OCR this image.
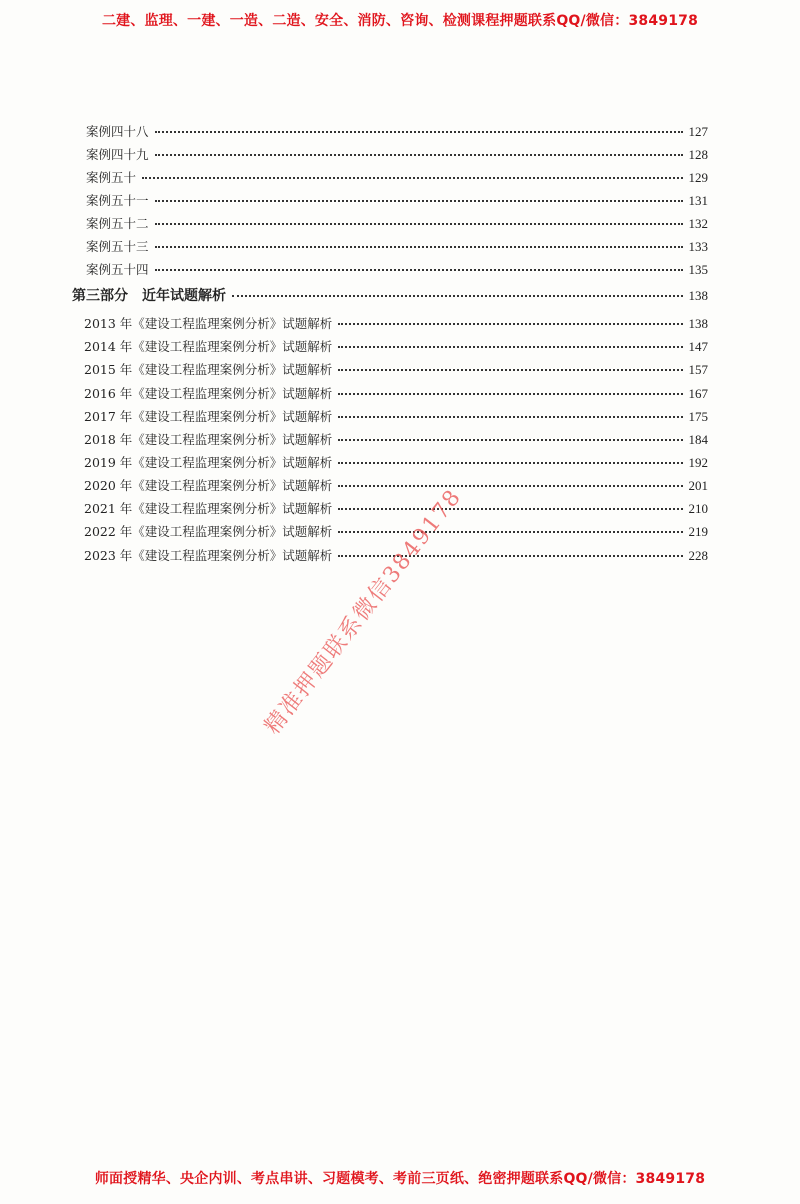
二建、监理、一建、一造、二造、安全、消防、咨询、检测课程押题联系QQ/微信：3849178
案例四十八	127
案例四十九	128
案例五十	129
案例五十一	131
案例五十二	132
案例五十三	133
案例五十四	135
第三部分　近年试题解析	138
2013 年《建设工程监理案例分析》试题解析	138
2014 年《建设工程监理案例分析》试题解析	147
2015 年《建设工程监理案例分析》试题解析	157
2016 年《建设工程监理案例分析》试题解析	167
2017 年《建设工程监理案例分析》试题解析	175
2018 年《建设工程监理案例分析》试题解析	184
2019 年《建设工程监理案例分析》试题解析	192
2020 年《建设工程监理案例分析》试题解析	201
2021 年《建设工程监理案例分析》试题解析	210
2022 年《建设工程监理案例分析》试题解析	219
2023 年《建设工程监理案例分析》试题解析	228
精准押题联系微信3849178
师面授精华、央企内训、考点串讲、习题模考、考前三页纸、绝密押题联系QQ/微信：3849178
